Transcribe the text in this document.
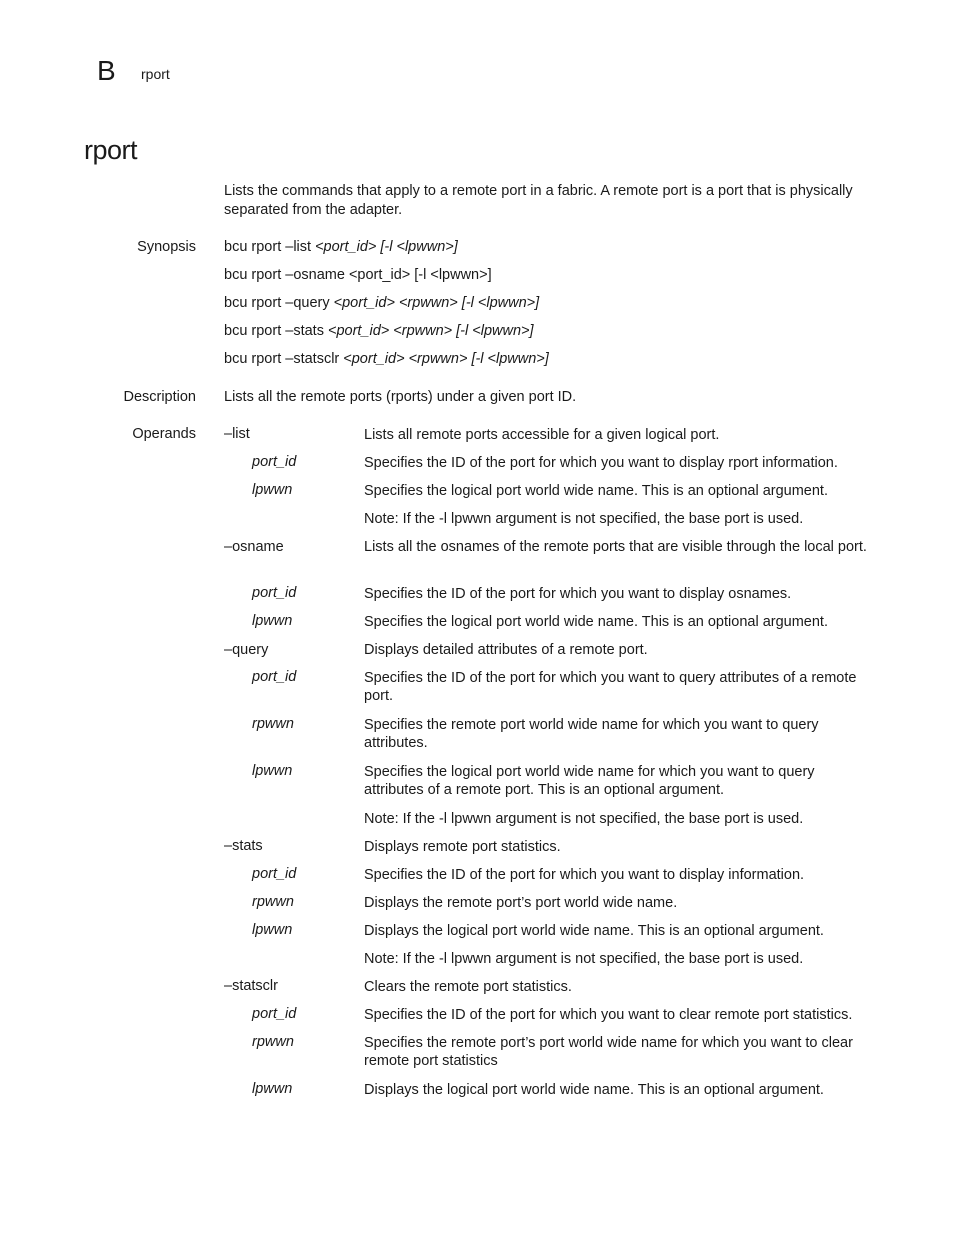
B rport
rport

Lists the commands that apply to a remote port in a fabric. A remote port is a port that is physically separated from the adapter.

Synopsis bcu rport –list <port_id> [-l <lpwwn>]
bcu rport –osname <port_id> [-l <lpwwn>]
bcu rport –query <port_id> <rpwwn> [-l <lpwwn>]
bcu rport –stats <port_id> <rpwwn> [-l <lpwwn>]
bcu rport –statsclr <port_id> <rpwwn> [-l <lpwwn>]
Description Lists all the remote ports (rports) under a given port ID.
Operands –list	Lists all remote ports accessible for a given logical port.
port_id	Specifies the ID of the port for which you want to display rport information.
lpwwn	Specifies the logical port world wide name. This is an optional argument.
Note: If the -l lpwwn argument is not specified, the base port is used.
–osname	Lists all the osnames of the remote ports that are visible through the local port.
port_id	Specifies the ID of the port for which you want to display osnames.
lpwwn	Specifies the logical port world wide name. This is an optional argument.
–query	Displays detailed attributes of a remote port.
port_id	Specifies the ID of the port for which you want to query attributes of a remote port.
rpwwn	Specifies the remote port world wide name for which you want to query attributes.
lpwwn	Specifies the logical port world wide name for which you want to query attributes of a remote port. This is an optional argument.
Note: If the -l lpwwn argument is not specified, the base port is used.
–stats	Displays remote port statistics.
port_id	Specifies the ID of the port for which you want to display information.
rpwwn	Displays the remote port’s port world wide name.
lpwwn	Displays the logical port world wide name. This is an optional argument.
Note: If the -l lpwwn argument is not specified, the base port is used.
–statsclr	Clears the remote port statistics.
port_id	Specifies the ID of the port for which you want to clear remote port statistics.
rpwwn	Specifies the remote port’s port world wide name for which you want to clear remote port statistics
lpwwn	Displays the logical port world wide name. This is an optional argument.
